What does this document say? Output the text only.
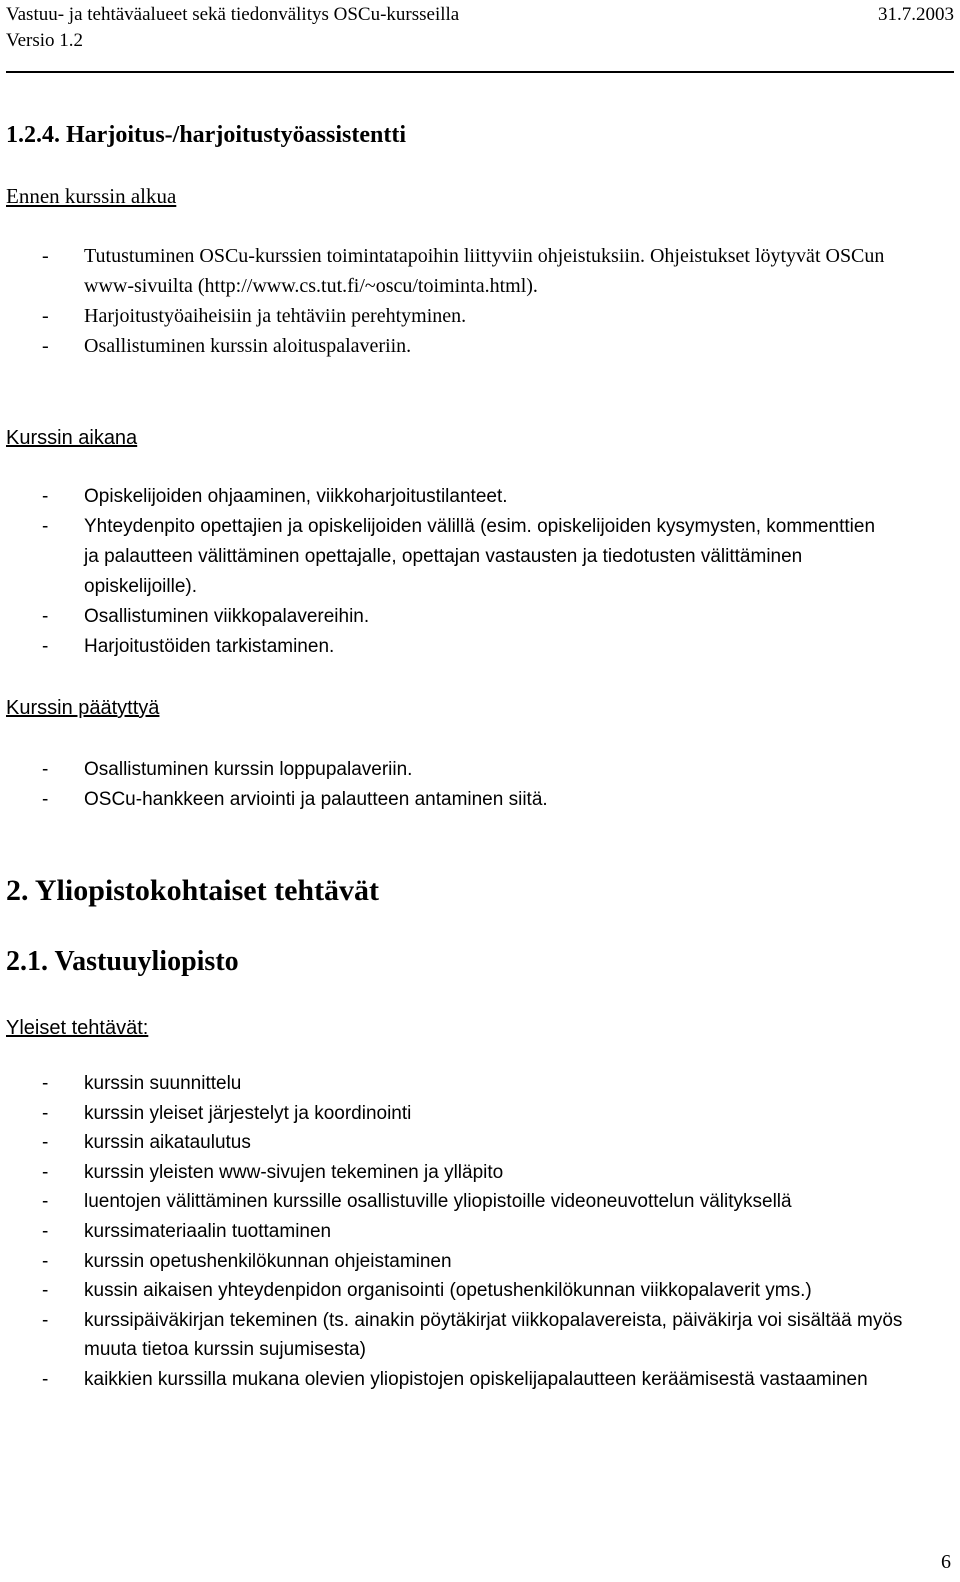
Vastuu- ja tehtäväalueet sekä tiedonvälitys OSCu-kursseilla	31.7.2003
Versio 1.2
1.2.4. Harjoitus-/harjoitustyöassistentti
Ennen kurssin alkua
- Tutustuminen OSCu-kurssien toimintatapoihin liittyviin ohjeistuksiin. Ohjeistukset löytyvät OSCun www-sivuilta (http://www.cs.tut.fi/~oscu/toiminta.html).
- Harjoitustyöaiheisiin ja tehtäviin perehtyminen.
- Osallistuminen kurssin aloituspalaveriin.
Kurssin aikana
- Opiskelijoiden ohjaaminen, viikkoharjoitustilanteet.
- Yhteydenpito opettajien ja opiskelijoiden välillä (esim. opiskelijoiden kysymysten, kommenttien ja palautteen välittäminen opettajalle, opettajan vastausten ja tiedotusten välittäminen opiskelijoille).
- Osallistuminen viikkopalavereihin.
- Harjoitustöiden tarkistaminen.
Kurssin päätyttyä
- Osallistuminen kurssin loppupalaveriin.
- OSCu-hankkeen arviointi ja palautteen antaminen siitä.
2. Yliopistokohtaiset tehtävät
2.1. Vastuuyliopisto
Yleiset tehtävät:
- kurssin suunnittelu
- kurssin yleiset järjestelyt ja koordinointi
- kurssin aikataulutus
- kurssin yleisten www-sivujen tekeminen ja ylläpito
- luentojen välittäminen kurssille osallistuville yliopistoille videoneuvottelun välityksellä
- kurssimateriaalin tuottaminen
- kurssin opetushenkilökunnan ohjeistaminen
- kussin aikaisen yhteydenpidon organisointi (opetushenkilökunnan viikkopalaverit yms.)
- kurssipäiväkirjan tekeminen (ts. ainakin pöytäkirjat viikkopalavereista, päiväkirja voi sisältää myös muuta tietoa kurssin sujumisesta)
- kaikkien kurssilla mukana olevien yliopistojen opiskelijapalautteen keräämisestä vastaaminen
6
